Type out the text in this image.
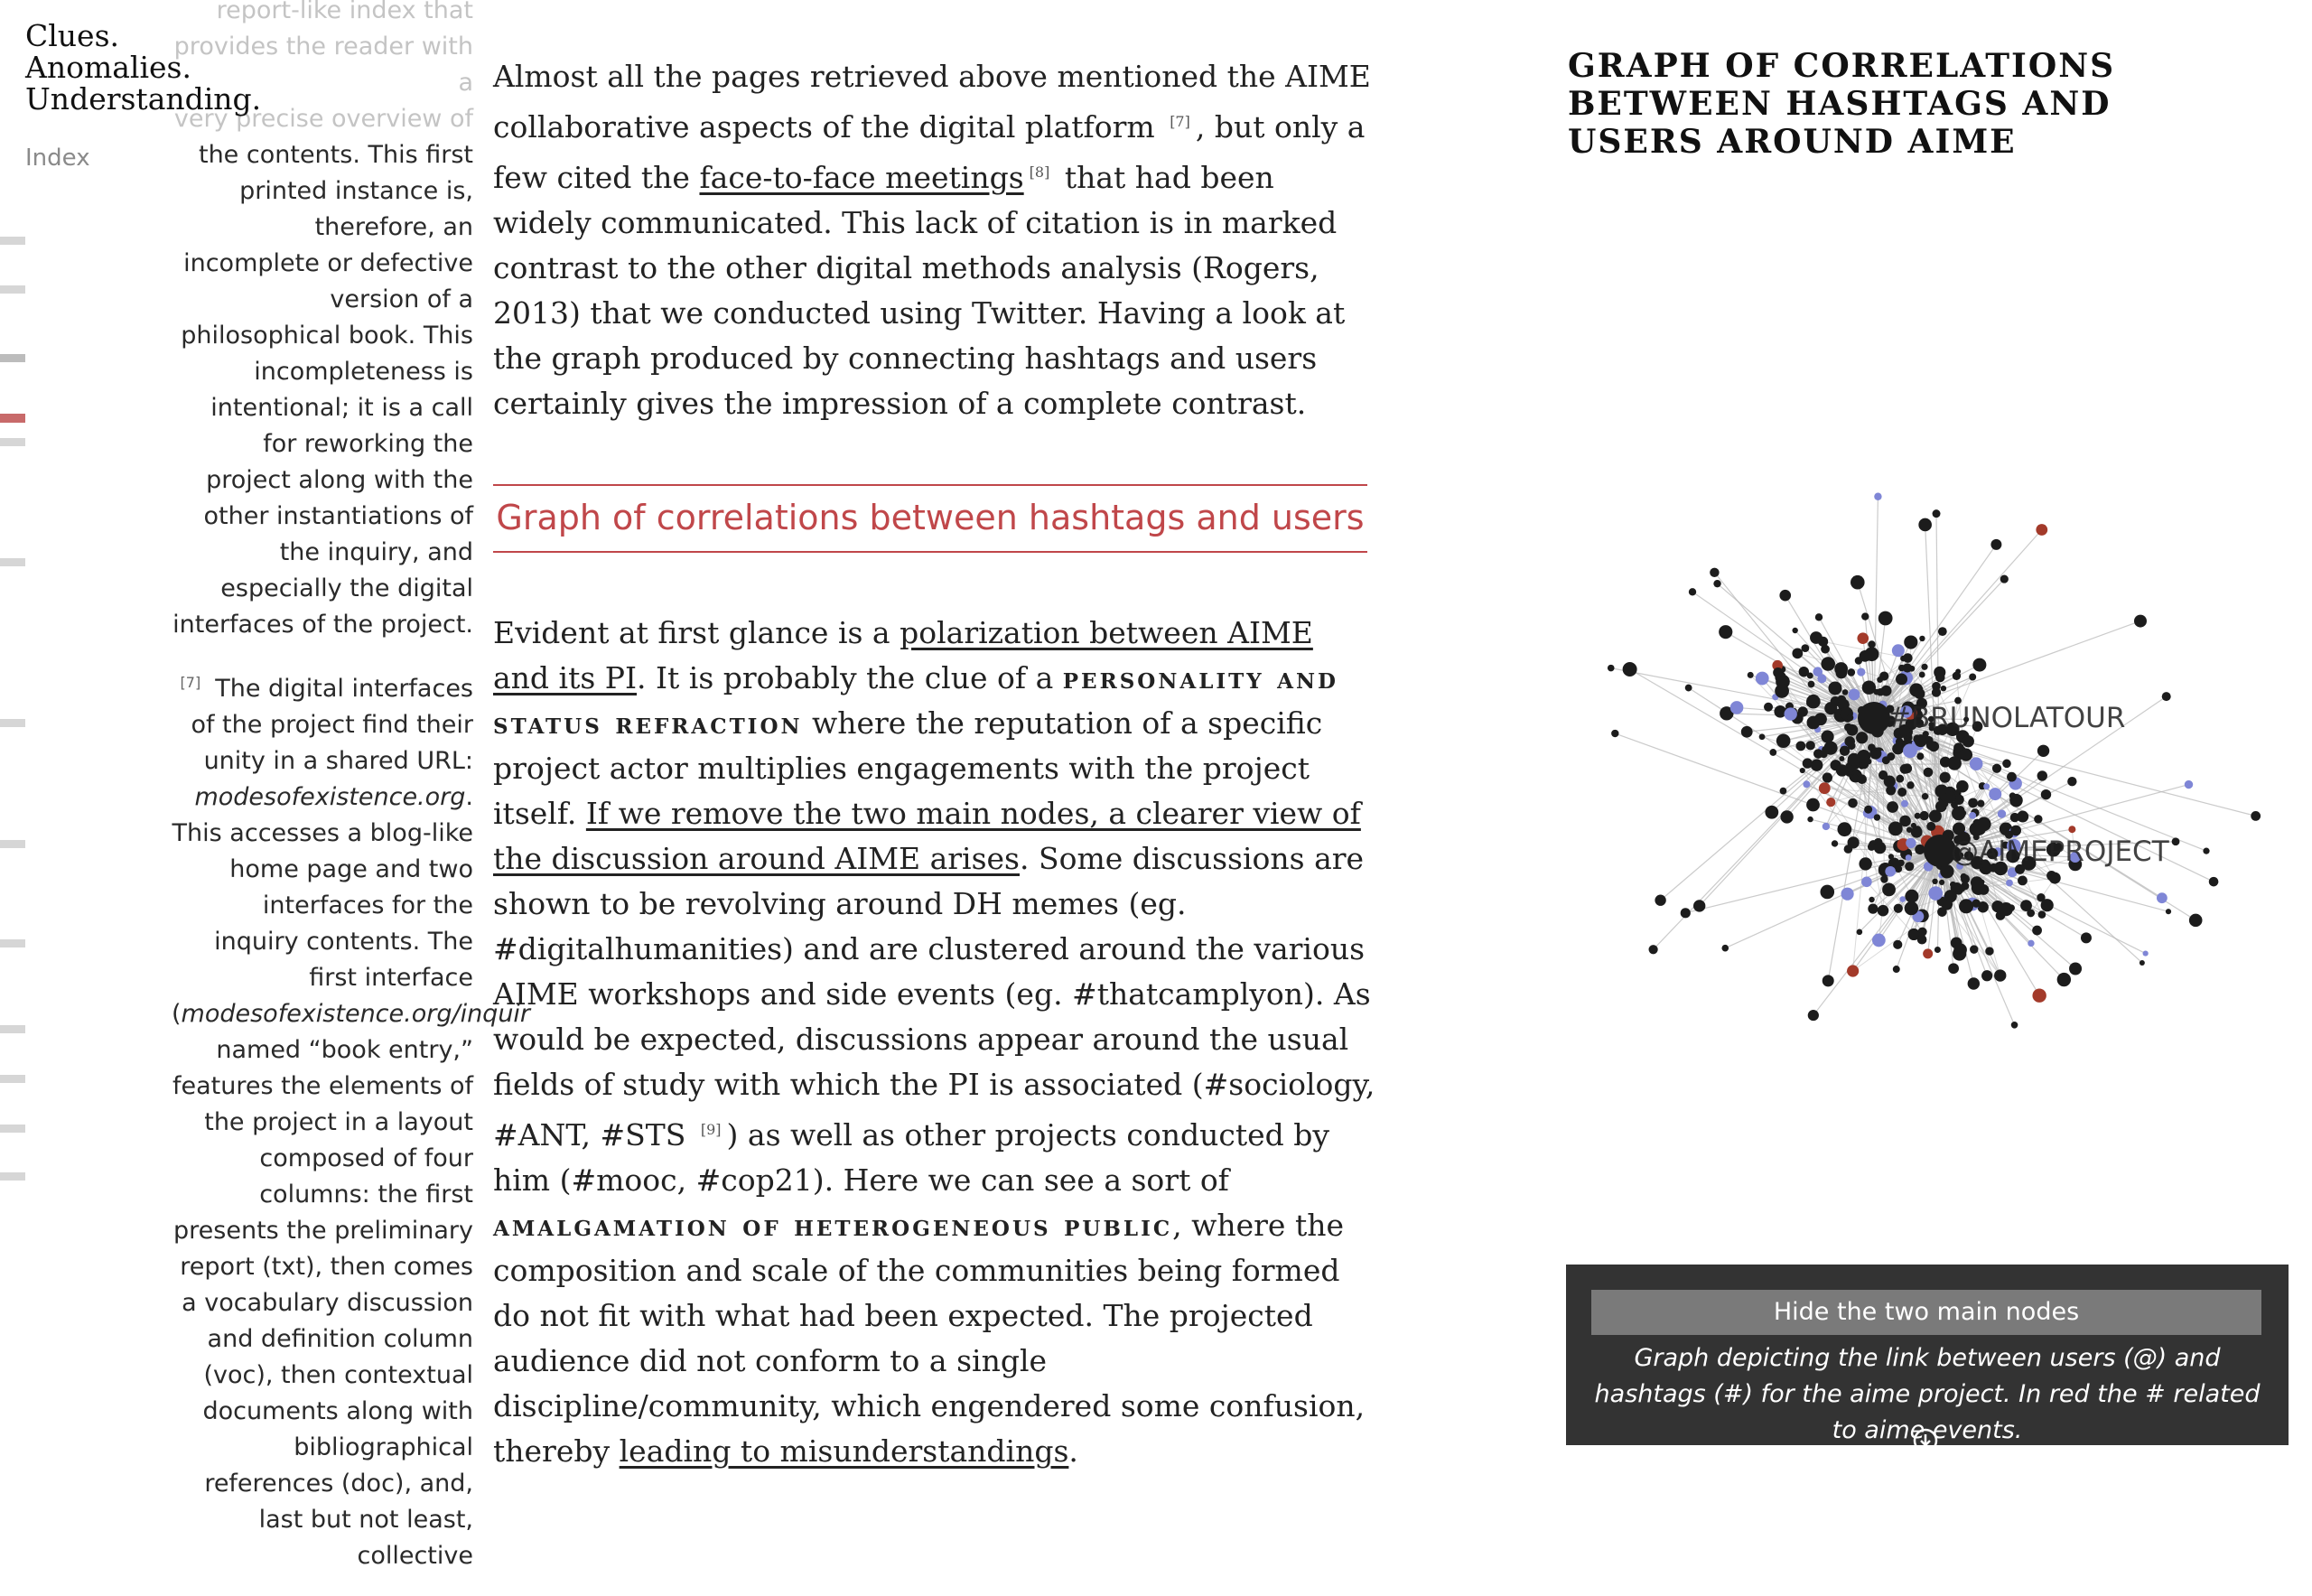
Clues.
Anomalies.
Understanding.
Index

report-like index that
provides the reader with a
very precise overview of
the contents. This first printed instance is, therefore, an incomplete or defective version of a philosophical book. This incompleteness is intentional; it is a call for reworking the project along with the other instantiations of the inquiry, and especially the digital interfaces of the project.

[7] The digital interfaces of the project find their unity in a shared URL: modesofexistence.org. This accesses a blog-like home page and two interfaces for the inquiry contents. The first interface (modesofexistence.org/inquir named “book entry,” features the elements of the project in a layout composed of four columns: the first presents the preliminary report (txt), then comes a vocabulary discussion and definition column (voc), then contextual documents along with bibliographical references (doc), and, last but not least, collective

Almost all the pages retrieved above mentioned the AIME collaborative aspects of the digital platform [7] , but only a few cited the face-to-face meetings [8] that had been widely communicated. This lack of citation is in marked contrast to the other digital methods analysis (Rogers, 2013) that we conducted using Twitter. Having a look at the graph produced by connecting hashtags and users certainly gives the impression of a complete contrast.

Graph of correlations between hashtags and users

Evident at first glance is a polarization between AIME and its PI. It is probably the clue of a personality and status refraction where the reputation of a specific project actor multiplies engagements with the project itself. If we remove the two main nodes, a clearer view of the discussion around AIME arises. Some discussions are shown to be revolving around DH memes (eg. #digitalhumanities) and are clustered around the various AIME workshops and side events (eg. #thatcamplyon). As would be expected, discussions appear around the usual fields of study with which the PI is associated (#sociology, #ANT, #STS [9] ) as well as other projects conducted by him (#mooc, #cop21). Here we can see a sort of amalgamation of heterogeneous public, where the composition and scale of the communities being formed do not fit with what had been expected. The projected audience did not conform to a single discipline/community, which engendered some confusion, thereby leading to misunderstandings.

GRAPH OF CORRELATIONS BETWEEN HASHTAGS AND USERS AROUND AIME
#BRUNOLATOUR
@AIMEPROJECT
Hide the two main nodes
Graph depicting the link between users (@) and hashtags (#) for the aime project. In red the # related to aime events.
